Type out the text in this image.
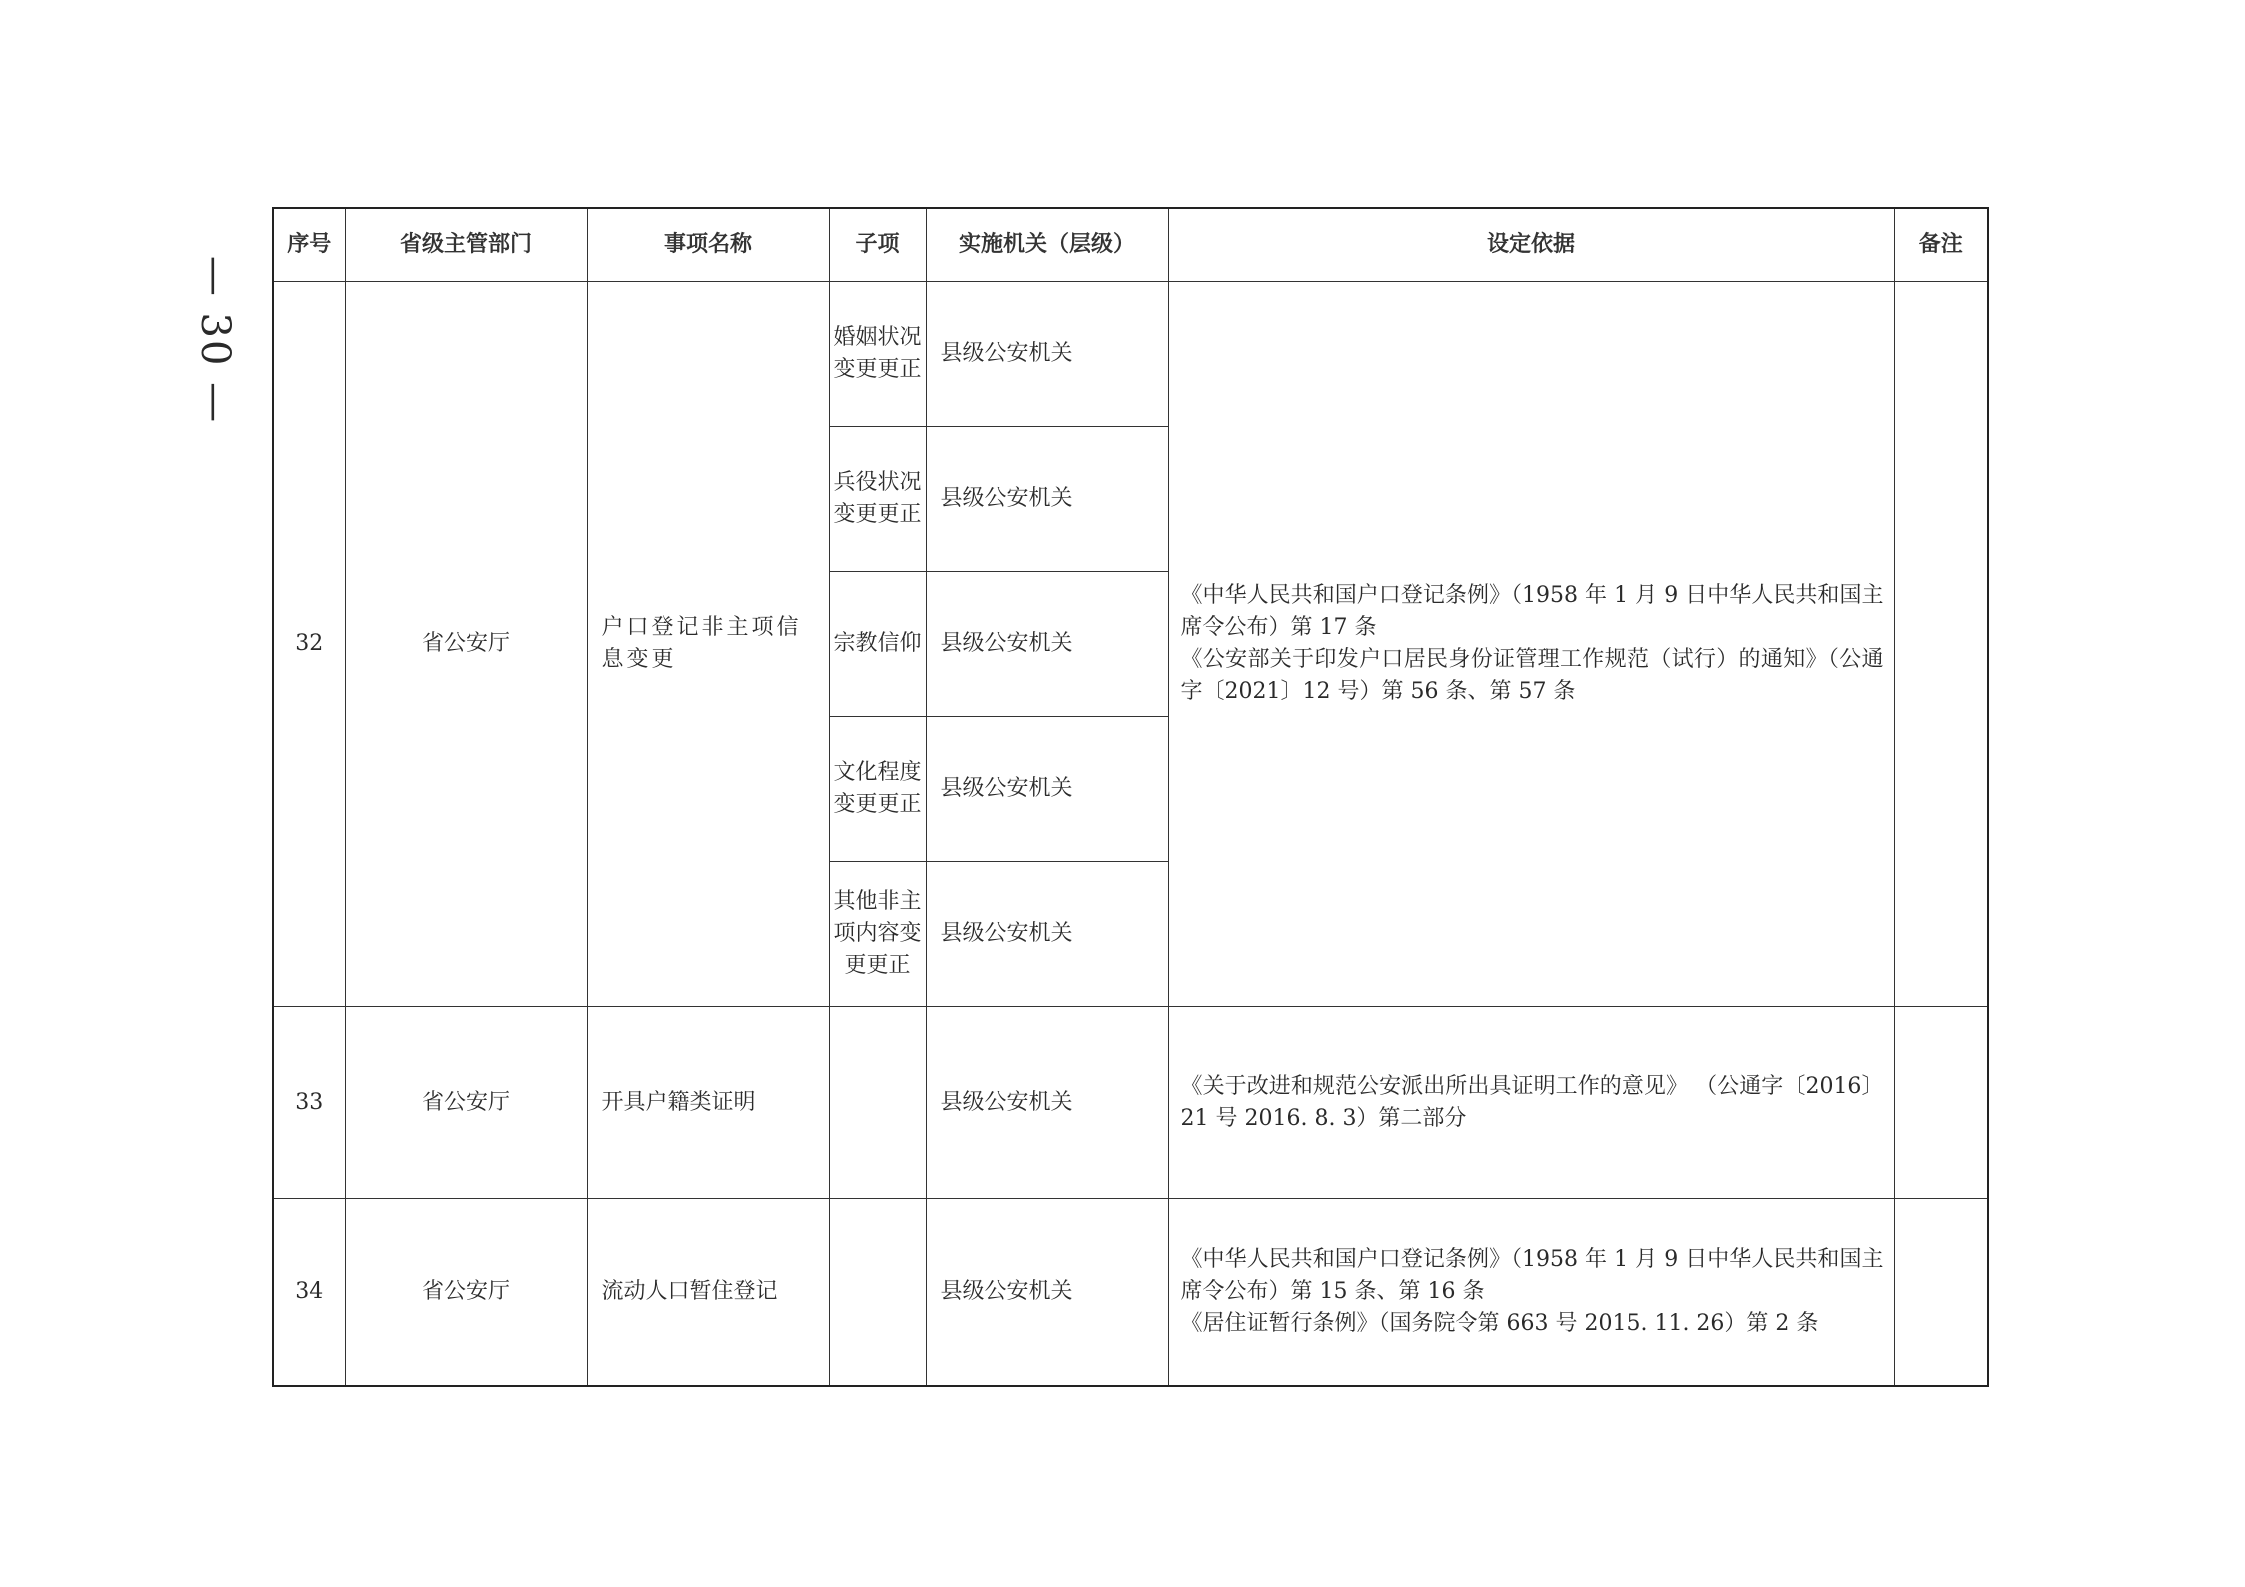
— 30 —
序号	省级主管部门	事项名称	子项	实施机关（层级）	设定依据	备注
32	省公安厅	户口登记非主项信息变更	婚姻状况变更更正	县级公安机关	《中华人民共和国户口登记条例》（1958 年 1 月 9 日中华人民共和国主席令公布）第 17 条
《公安部关于印发户口居民身份证管理工作规范（试行）的通知》（公通字〔2021〕12 号）第 56 条、第 57 条	

			兵役状况变更更正	县级公安机关		
			宗教信仰	县级公安机关		
			文化程度变更更正	县级公安机关		
			其他非主项内容变更更正	县级公安机关		
33	省公安厅	开具户籍类证明		县级公安机关	《关于改进和规范公安派出所出具证明工作的意见》 （公通字〔2016〕21 号 2016. 8. 3）第二部分	

34	省公安厅	流动人口暂住登记		县级公安机关	《中华人民共和国户口登记条例》（1958 年 1 月 9 日中华人民共和国主席令公布）第 15 条、第 16 条
《居住证暂行条例》（国务院令第 663 号 2015. 11. 26）第 2 条	
